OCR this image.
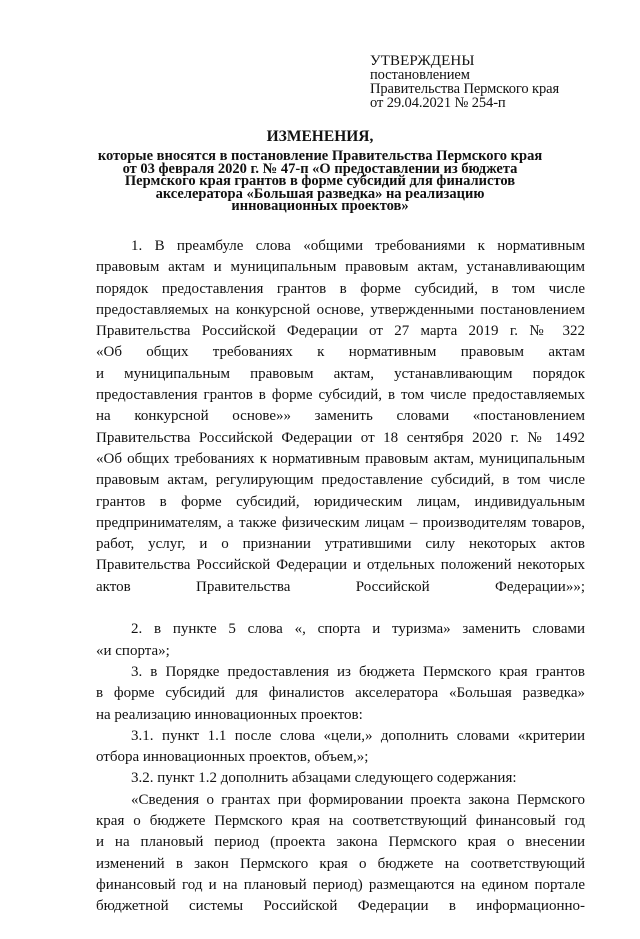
УТВЕРЖДЕНЫ
постановлением
Правительства Пермского края
от 29.04.2021 № 254-п
ИЗМЕНЕНИЯ,
которые вносятся в постановление Правительства Пермского края
от 03 февраля 2020 г. № 47-п «О предоставлении из бюджета
Пермского края грантов в форме субсидий для финалистов
акселератора «Большая разведка» на реализацию
инновационных проектов»
1. В преамбуле слова «общими требованиями к нормативным
правовым актам и муниципальным правовым актам, устанавливающим
порядок предоставления грантов в форме субсидий, в том числе
предоставляемых на конкурсной основе, утвержденными постановлением
Правительства Российской Федерации от 27 марта 2019 г. № 322
«Об общих требованиях к нормативным правовым актам
и муниципальным правовым актам, устанавливающим порядок
предоставления грантов в форме субсидий, в том числе предоставляемых
на конкурсной основе»» заменить словами «постановлением
Правительства Российской Федерации от 18 сентября 2020 г. № 1492
«Об общих требованиях к нормативным правовым актам, муниципальным
правовым актам, регулирующим предоставление субсидий, в том числе
грантов в форме субсидий, юридическим лицам, индивидуальным
предпринимателям, а также физическим лицам – производителям товаров,
работ, услуг, и о признании утратившими силу некоторых актов
Правительства Российской Федерации и отдельных положений некоторых
актов Правительства Российской Федерации»»;

2. в пункте 5 слова «, спорта и туризма» заменить словами
«и спорта»;
3. в Порядке предоставления из бюджета Пермского края грантов
в форме субсидий для финалистов акселератора «Большая разведка»
на реализацию инновационных проектов:
3.1. пункт 1.1 после слова «цели,» дополнить словами «критерии
отбора инновационных проектов, объем,»;
3.2. пункт 1.2 дополнить абзацами следующего содержания:
«Сведения о грантах при формировании проекта закона Пермского
края о бюджете Пермского края на соответствующий финансовый год
и на плановый период (проекта закона Пермского края о внесении
изменений в закон Пермского края о бюджете на соответствующий
финансовый год и на плановый период) размещаются на едином портале
бюджетной системы Российской Федерации в информационно-
